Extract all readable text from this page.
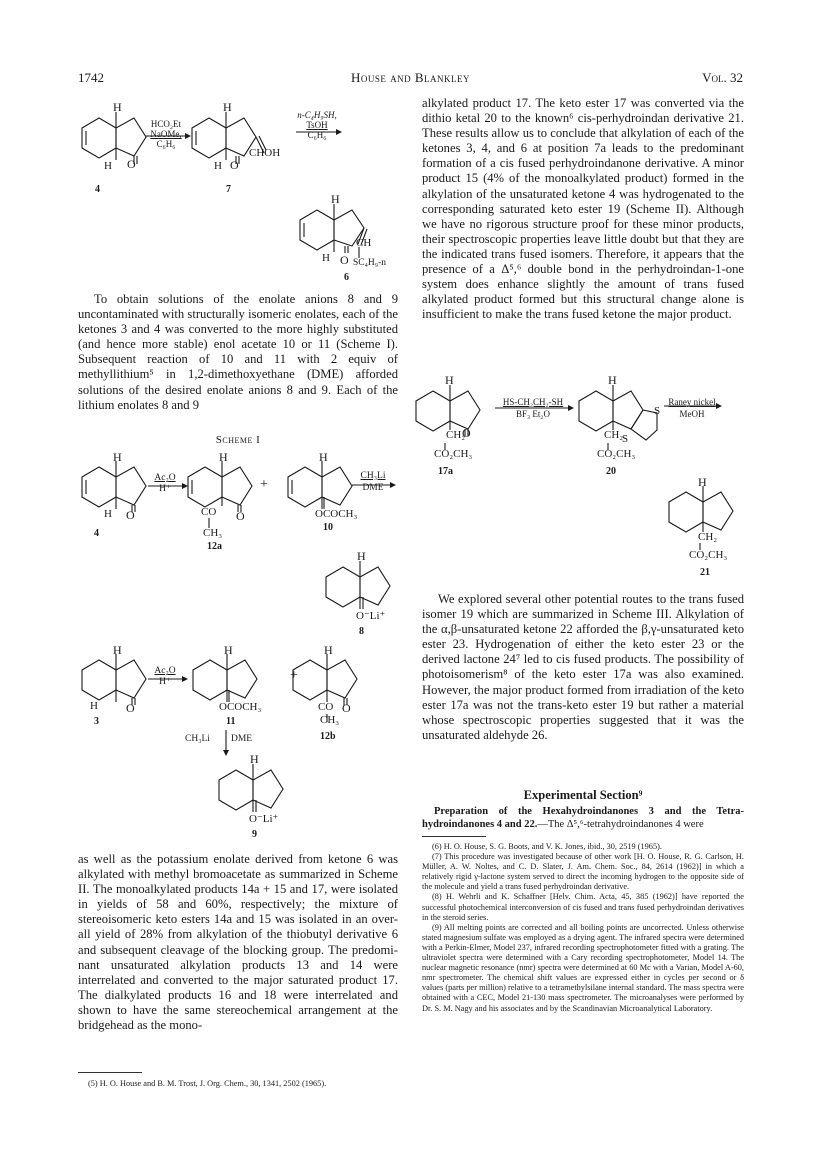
1742	House and Blankley	Vol. 32
H
H O
HCO₂Et
NaOMe,
C₆H₆
4
H
H O
CHOH
7
n-C₄H₉SH,
TsOH
C₆H₆
H
H O
CH
SC₄H₉-n
6

To obtain solutions of the enolate anions 8 and 9 uncontaminated with structurally isomeric enolates, each of the ketones 3 and 4 was converted to the more highly substituted (and hence more stable) enol acetate 10 or 11 (Scheme I). Subsequent reaction of 10 and 11 with 2 equiv of methyllithium⁵ in 1,2-dimethoxyethane (DME) afforded solutions of the desired enolate anions 8 and 9. Each of the lithium enolates 8 and 9

Scheme I
H
H O
4
Ac₂O
H⁺
H
CO O
CH₃
12a
+
H
OCOCH₃
10
CH₃Li
DME
H
O⁻Li⁺
8
H
H O
3
Ac₂O
H⁺
H
OCOCH₃
11
+
H
CO O
CH₃
12b
CH₃Li DME
H
O⁻Li⁺
9

as well as the potassium enolate derived from ketone 6 was alkylated with methyl bromoacetate as summarized in Scheme II. The monoalkylated products 14a + 15 and 17, were isolated in yields of 58 and 60%, respectively; the mixture of stereoisomeric keto esters 14a and 15 was isolated in an over-all yield of 28% from alkylation of the thiobutyl derivative 6 and subsequent cleavage of the blocking group. The predominant unsaturated alkylation products 13 and 14 were interrelated and converted to the major saturated product 17. The dialkylated products 16 and 18 were interrelated and shown to have the same stereochemical arrangement at the bridgehead as the mono-

(5) H. O. House and B. M. Trost, J. Org. Chem., 30, 1341, 2502 (1965).

alkylated product 17. The keto ester 17 was converted via the dithio ketal 20 to the known⁶ cis-perhydroindan derivative 21. These results allow us to conclude that alkylation of each of the ketones 3, 4, and 6 at position 7a leads to the predominant formation of a cis fused perhydroindanone derivative. A minor product 15 (4% of the monoalkylated product) formed in the alkylation of the unsaturated ketone 4 was hydrogenated to the corresponding saturated keto ester 19 (Scheme II). Although we have no rigorous structure proof for these minor products, their spectroscopic properties leave little doubt but that they are the indicated trans fused isomers. Therefore, it appears that the presence of a Δ⁵,⁶ double bond in the perhydroindan-1-one system does enhance slightly the amount of trans fused alkylated product formed but this structural change alone is insufficient to make the trans fused ketone the major product.

H
CH₂
O
CO₂CH₃
17a
HS-CH₂CH₂-SH
BF₃ Et₂O
H
CH₂
S
S
CO₂CH₃
20
Raney nickel
MeOH
H
CH₂
CO₂CH₃
21

We explored several other potential routes to the trans fused isomer 19 which are summarized in Scheme III. Alkylation of the α,β-unsaturated ketone 22 afforded the β,γ-unsaturated keto ester 23. Hydrogenation of either the keto ester 23 or the derived lactone 24⁷ led to cis fused products. The possibility of photoisomerism⁸ of the keto ester 17a was also examined. However, the major product formed from irradiation of the keto ester 17a was not the trans-keto ester 19 but rather a material whose spectroscopic properties suggested that it was the unsaturated aldehyde 26.

Experimental Section⁹
Preparation of the Hexahydroindanones 3 and the Tetrahydroindanones 4 and 22.—The Δ⁵,⁶-tetrahydroindanones 4 were

(6) H. O. House, S. G. Boots, and V. K. Jones, ibid., 30, 2519 (1965).

(7) This procedure was investigated because of other work [H. O. House, R. G. Carlson, H. Müller, A. W. Noltes, and C. D. Slater, J. Am. Chem. Soc., 84, 2614 (1962)] in which a relatively rigid γ-lactone system served to direct the incoming hydrogen to the opposite side of the molecule and yield a trans fused perhydroindan derivative.

(8) H. Wehrli and K. Schaffner [Helv. Chim. Acta, 45, 385 (1962)] have reported the successful photochemical interconversion of cis fused and trans fused perhydroindan derivatives in the steroid series.

(9) All melting points are corrected and all boiling points are uncorrected. Unless otherwise stated magnesium sulfate was employed as a drying agent. The infrared spectra were determined with a Perkin-Elmer, Model 237, infrared recording spectrophotometer fitted with a grating. The ultraviolet spectra were determined with a Cary recording spectrophotometer, Model 14. The nuclear magnetic resonance (nmr) spectra were determined at 60 Mc with a Varian, Model A-60, nmr spectrometer. The chemical shift values are expressed either in cycles per second or δ values (parts per million) relative to a tetramethylsilane internal standard. The mass spectra were obtained with a CEC, Model 21-130 mass spectrometer. The microanalyses were performed by Dr. S. M. Nagy and his associates and by the Scandinavian Microanalytical Laboratory.
